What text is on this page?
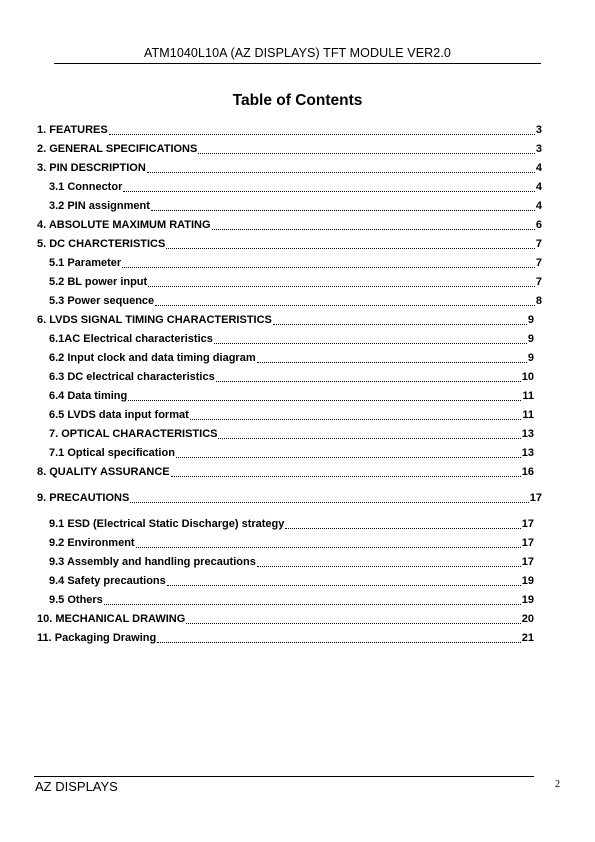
ATM1040L10A (AZ DISPLAYS) TFT MODULE VER2.0
Table of Contents
1. FEATURES	3
2. GENERAL SPECIFICATIONS	3
3. PIN DESCRIPTION	4
3.1 Connector	4
3.2 PIN assignment	4
4. ABSOLUTE MAXIMUM RATING	6
5. DC CHARCTERISTICS	7
5.1 Parameter	7
5.2 BL power input	7
5.3 Power sequence	8
6. LVDS SIGNAL TIMING CHARACTERISTICS	9
6.1AC Electrical characteristics	9
6.2 Input clock and data timing diagram	9
6.3 DC electrical characteristics	10
6.4 Data timing	11
6.5 LVDS data input format	11
7. OPTICAL CHARACTERISTICS	13
7.1 Optical specification	13
8. QUALITY ASSURANCE	16
9. PRECAUTIONS	17
9.1 ESD (Electrical Static Discharge) strategy	17
9.2 Environment	17
9.3 Assembly and handling precautions	17
9.4 Safety precautions	19
9.5 Others	19
10. MECHANICAL DRAWING	20
11. Packaging Drawing	21
AZ DISPLAYS	2
